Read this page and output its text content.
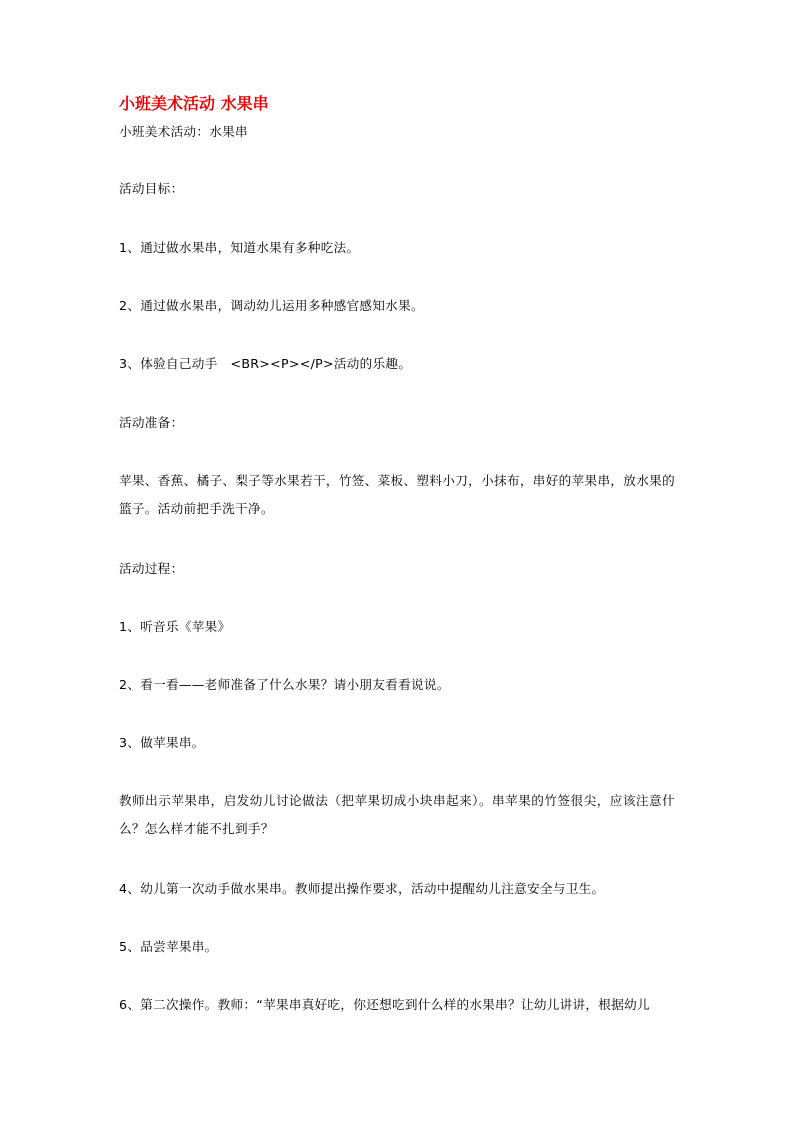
小班美术活动 水果串
小班美术活动：水果串
活动目标：
1、通过做水果串，知道水果有多种吃法。
2、通过做水果串，调动幼儿运用多种感官感知水果。
3、体验自己动手　<BR><P></P>活动的乐趣。
活动准备：
苹果、香蕉、橘子、梨子等水果若干，竹签、菜板、塑料小刀，小抹布，串好的苹果串，放水果的篮子。活动前把手洗干净。
活动过程：
1、听音乐《苹果》
2、看一看——老师准备了什么水果？请小朋友看看说说。
3、做苹果串。
教师出示苹果串，启发幼儿讨论做法（把苹果切成小块串起来）。串苹果的竹签很尖，应该注意什么？怎么样才能不扎到手？
4、幼儿第一次动手做水果串。教师提出操作要求，活动中提醒幼儿注意安全与卫生。
5、品尝苹果串。
6、第二次操作。教师：“苹果串真好吃，你还想吃到什么样的水果串？让幼儿讲讲，根据幼儿
